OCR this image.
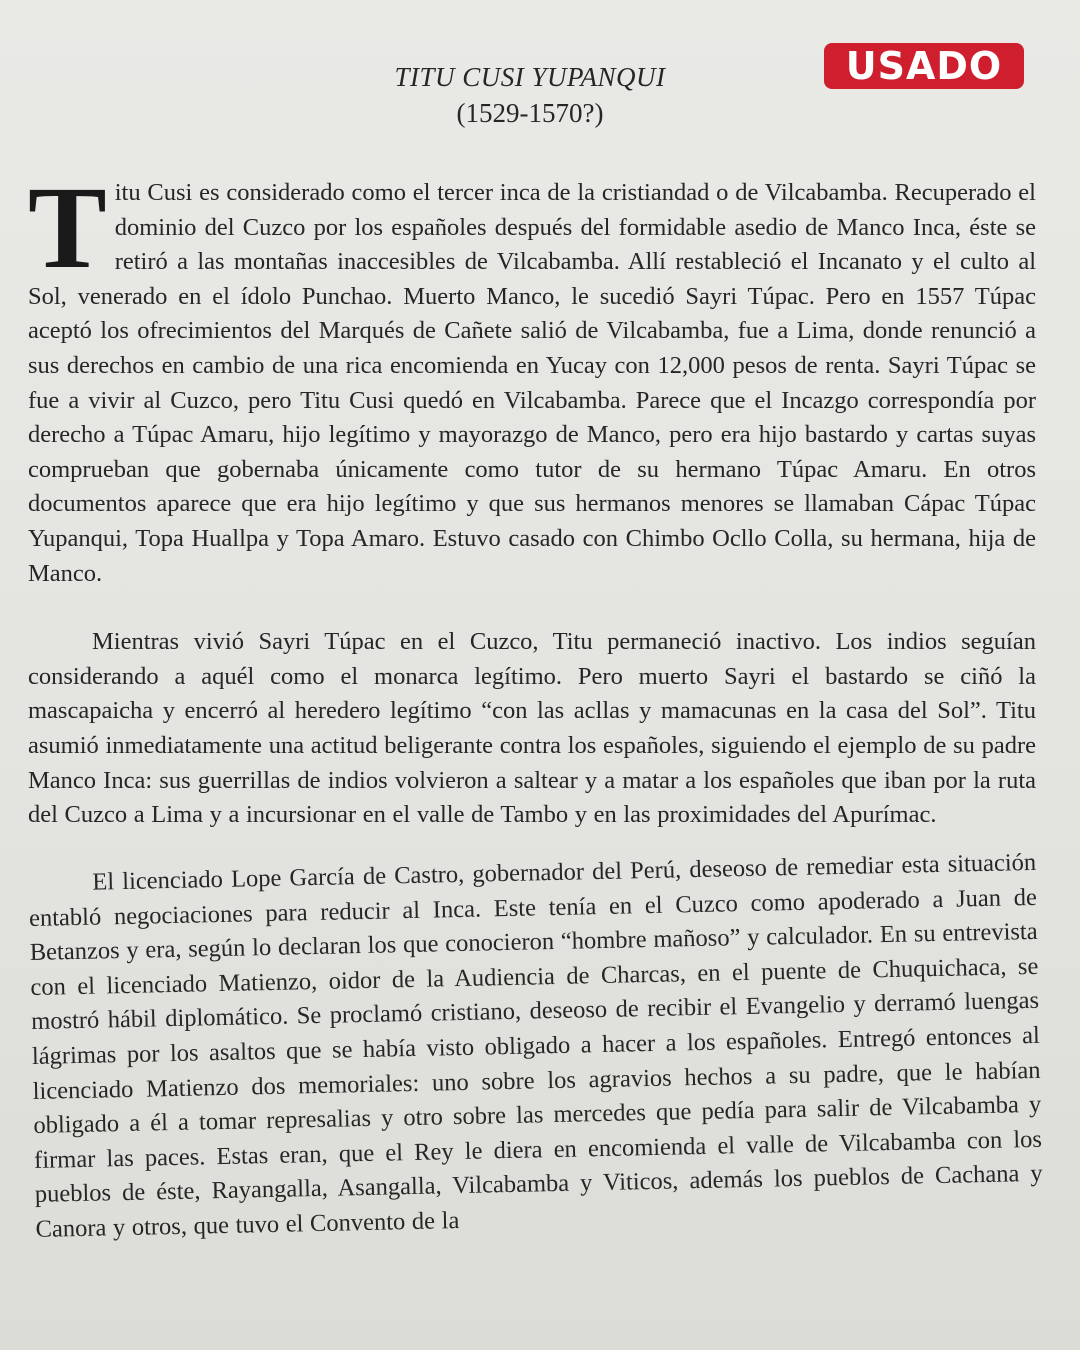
USADO
TITU CUSI YUPANQUI
(1529-1570?)

Titu Cusi es considerado como el tercer inca de la cristiandad o de Vilcabamba. Recuperado el dominio del Cuzco por los españoles después del formidable asedio de Manco Inca, éste se retiró a las montañas inaccesibles de Vilcabamba. Allí restableció el Incanato y el culto al Sol, venerado en el ídolo Punchao. Muerto Manco, le sucedió Sayri Túpac. Pero en 1557 Túpac aceptó los ofrecimientos del Marqués de Cañete salió de Vilcabamba, fue a Lima, donde renunció a sus derechos en cambio de una rica encomienda en Yucay con 12,000 pesos de renta. Sayri Túpac se fue a vivir al Cuzco, pero Titu Cusi quedó en Vilcabamba. Parece que el Incazgo correspondía por derecho a Túpac Amaru, hijo legítimo y mayorazgo de Manco, pero era hijo bastardo y cartas suyas comprueban que gobernaba únicamente como tutor de su hermano Túpac Amaru. En otros documentos aparece que era hijo legítimo y que sus hermanos menores se llamaban Cápac Túpac Yupanqui, Topa Huallpa y Topa Amaro. Estuvo casado con Chimbo Ocllo Colla, su hermana, hija de Manco.

Mientras vivió Sayri Túpac en el Cuzco, Titu permaneció inactivo. Los indios seguían considerando a aquél como el monarca legítimo. Pero muerto Sayri el bastardo se ciñó la mascapaicha y encerró al heredero legítimo “con las acllas y mamacunas en la casa del Sol”. Titu asumió inmediatamente una actitud beligerante contra los españoles, siguiendo el ejemplo de su padre Manco Inca: sus guerrillas de indios volvieron a saltear y a matar a los españoles que iban por la ruta del Cuzco a Lima y a incursionar en el valle de Tambo y en las proximidades del Apurímac.

El licenciado Lope García de Castro, gobernador del Perú, deseoso de remediar esta situación entabló negociaciones para reducir al Inca. Este tenía en el Cuzco como apoderado a Juan de Betanzos y era, según lo declaran los que conocieron “hombre mañoso” y calculador. En su entrevista con el licenciado Matienzo, oidor de la Audiencia de Charcas, en el puente de Chuquichaca, se mostró hábil diplomático. Se proclamó cristiano, deseoso de recibir el Evangelio y derramó luengas lágrimas por los asaltos que se había visto obligado a hacer a los españoles. Entregó entonces al licenciado Matienzo dos memoriales: uno sobre los agravios hechos a su padre, que le habían obligado a él a tomar represalias y otro sobre las mercedes que pedía para salir de Vilcabamba y firmar las paces. Estas eran, que el Rey le diera en encomienda el valle de Vilcabamba con los pueblos de éste, Rayangalla, Asangalla, Vilcabamba y Viticos, además los pueblos de Cachana y Canora y otros, que tuvo el Convento de la
